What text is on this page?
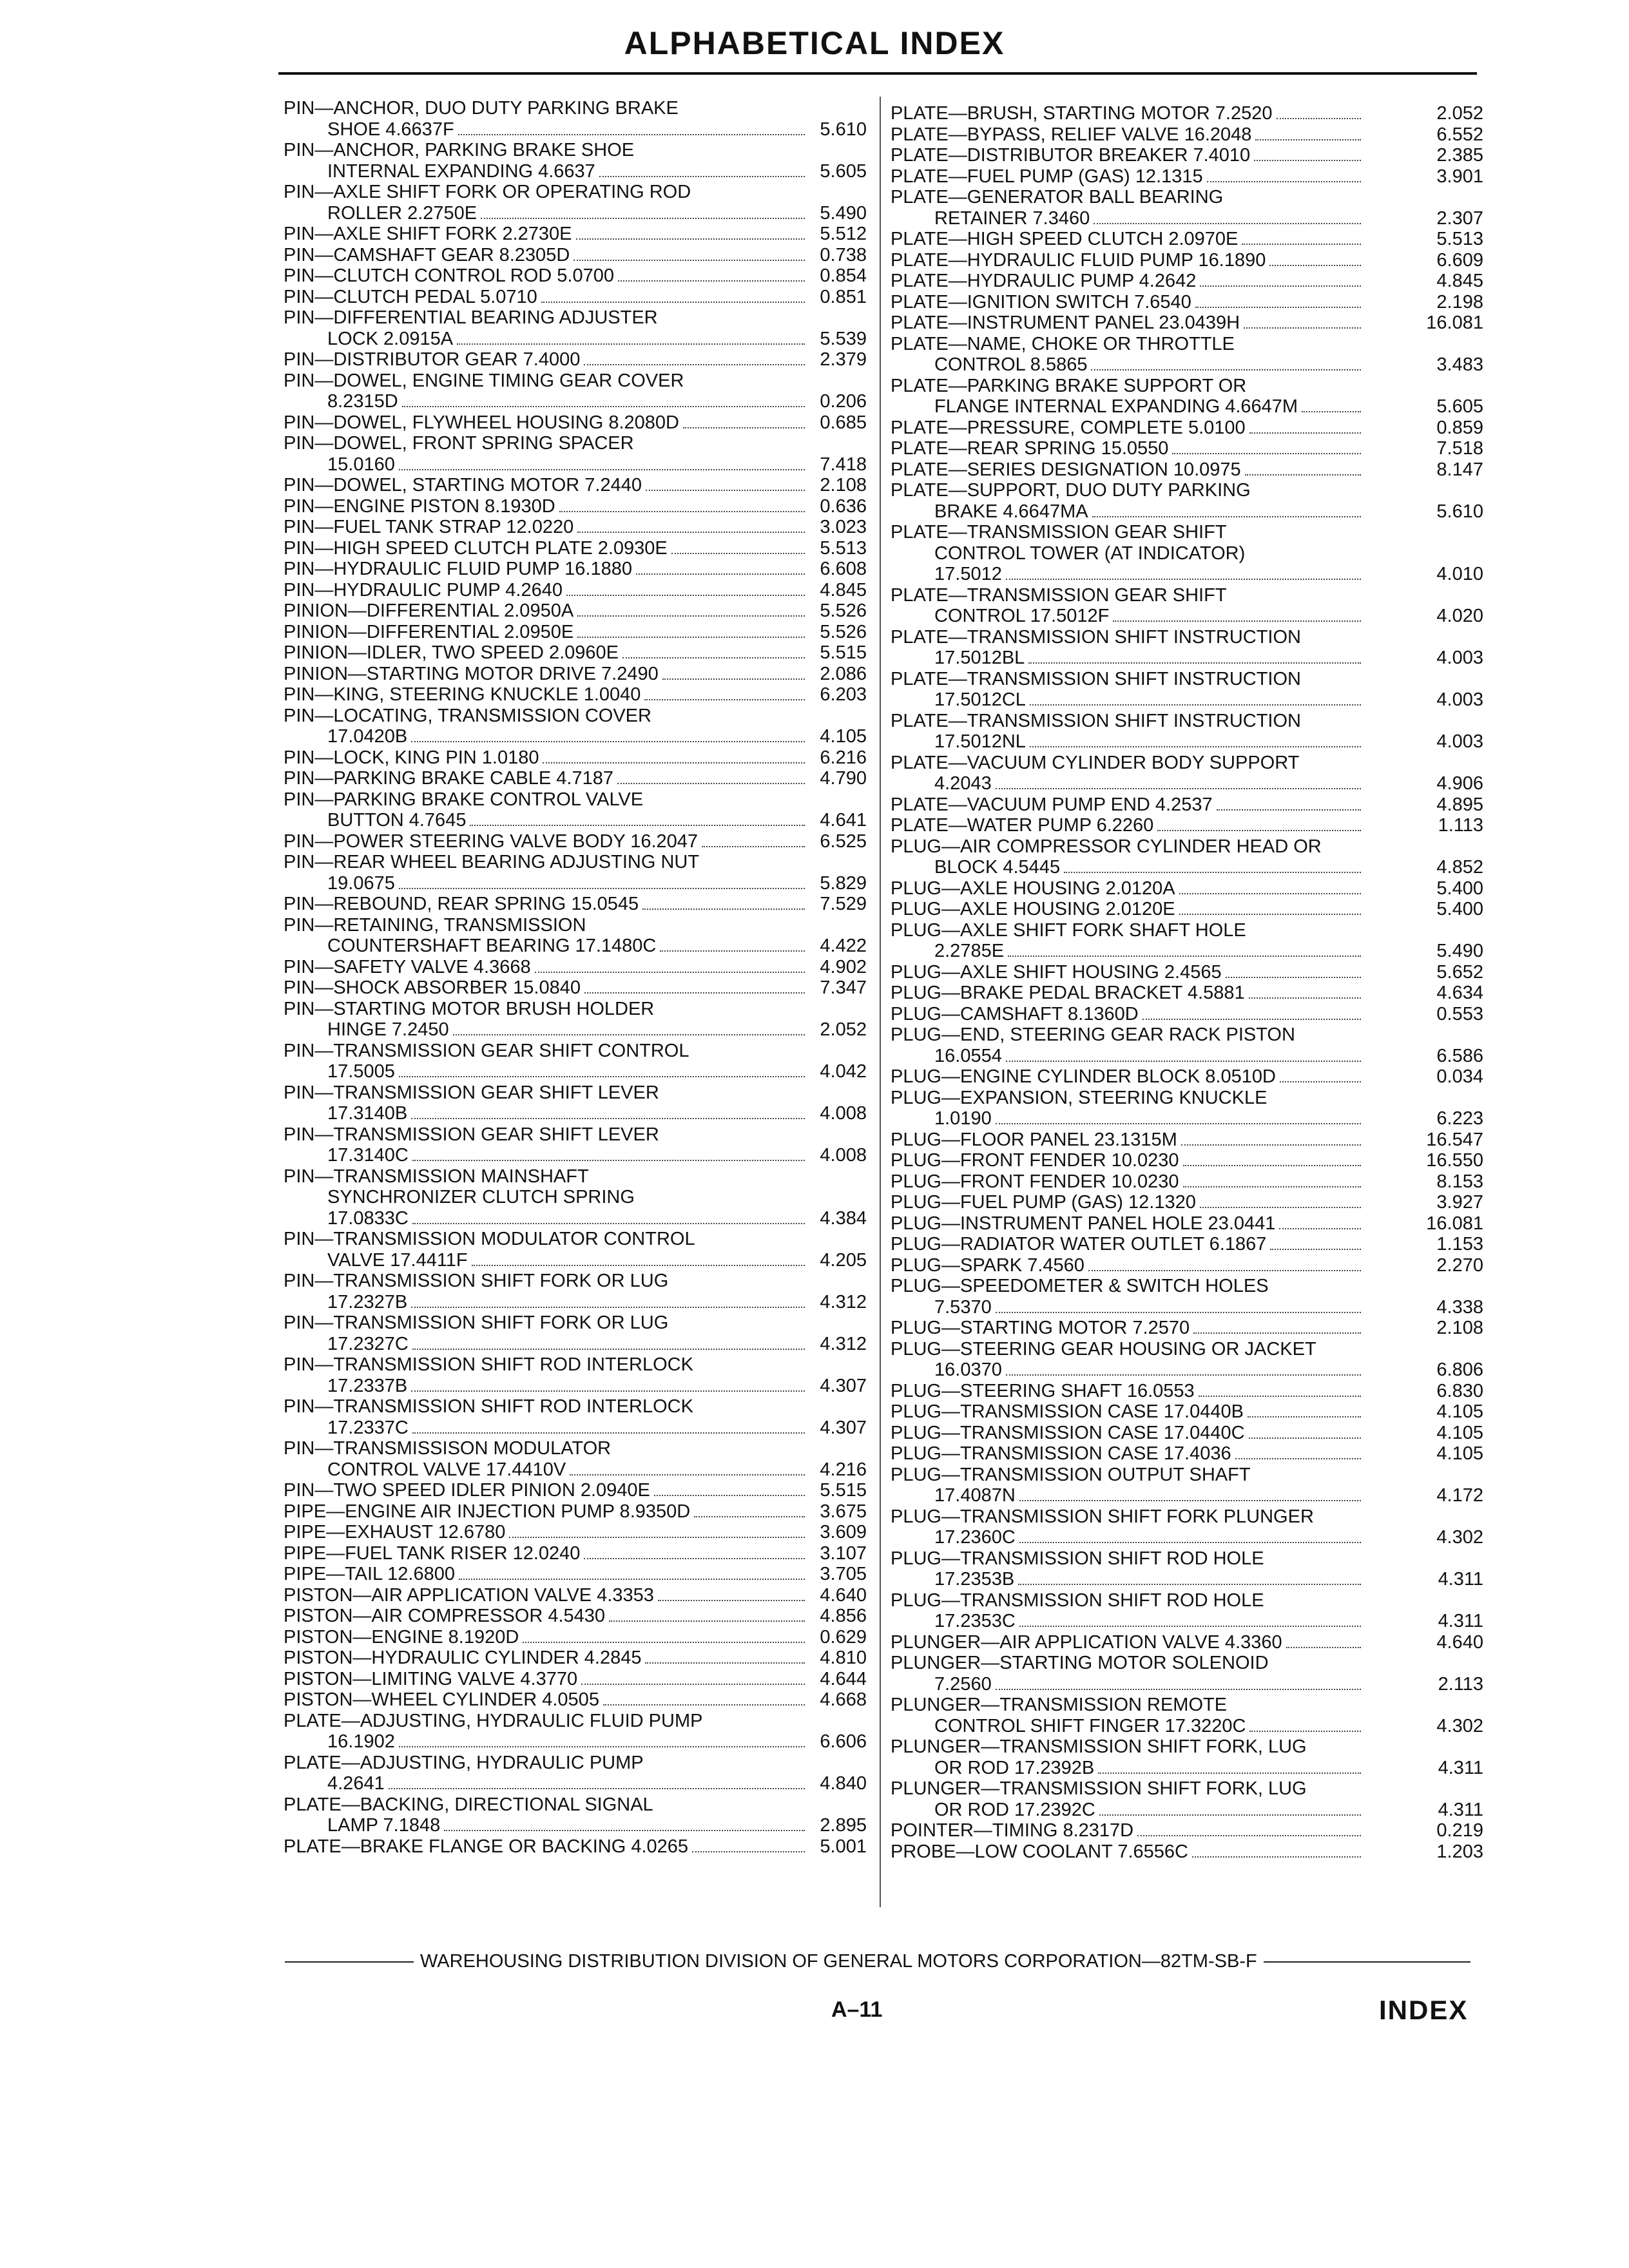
ALPHABETICAL INDEX
PIN—ANCHOR, DUO DUTY PARKING BRAKE
SHOE 4.6637F	5.610
PIN—ANCHOR, PARKING BRAKE SHOE
INTERNAL EXPANDING 4.6637	5.605
PIN—AXLE SHIFT FORK OR OPERATING ROD
ROLLER 2.2750E	5.490
PIN—AXLE SHIFT FORK 2.2730E	5.512
PIN—CAMSHAFT GEAR 8.2305D	0.738
PIN—CLUTCH CONTROL ROD 5.0700	0.854
PIN—CLUTCH PEDAL 5.0710	0.851
PIN—DIFFERENTIAL BEARING ADJUSTER
LOCK 2.0915A	5.539
PIN—DISTRIBUTOR GEAR 7.4000	2.379
PIN—DOWEL, ENGINE TIMING GEAR COVER
8.2315D	0.206
PIN—DOWEL, FLYWHEEL HOUSING 8.2080D	0.685
PIN—DOWEL, FRONT SPRING SPACER
15.0160	7.418
PIN—DOWEL, STARTING MOTOR 7.2440	2.108
PIN—ENGINE PISTON 8.1930D	0.636
PIN—FUEL TANK STRAP 12.0220	3.023
PIN—HIGH SPEED CLUTCH PLATE 2.0930E	5.513
PIN—HYDRAULIC FLUID PUMP 16.1880	6.608
PIN—HYDRAULIC PUMP 4.2640	4.845
PINION—DIFFERENTIAL 2.0950A	5.526
PINION—DIFFERENTIAL 2.0950E	5.526
PINION—IDLER, TWO SPEED 2.0960E	5.515
PINION—STARTING MOTOR DRIVE 7.2490	2.086
PIN—KING, STEERING KNUCKLE 1.0040	6.203
PIN—LOCATING, TRANSMISSION COVER
17.0420B	4.105
PIN—LOCK, KING PIN 1.0180	6.216
PIN—PARKING BRAKE CABLE 4.7187	4.790
PIN—PARKING BRAKE CONTROL VALVE
BUTTON 4.7645	4.641
PIN—POWER STEERING VALVE BODY 16.2047	6.525
PIN—REAR WHEEL BEARING ADJUSTING NUT
19.0675	5.829
PIN—REBOUND, REAR SPRING 15.0545	7.529
PIN—RETAINING, TRANSMISSION
COUNTERSHAFT BEARING 17.1480C	4.422
PIN—SAFETY VALVE 4.3668	4.902
PIN—SHOCK ABSORBER 15.0840	7.347
PIN—STARTING MOTOR BRUSH HOLDER
HINGE 7.2450	2.052
PIN—TRANSMISSION GEAR SHIFT CONTROL
17.5005	4.042
PIN—TRANSMISSION GEAR SHIFT LEVER
17.3140B	4.008
PIN—TRANSMISSION GEAR SHIFT LEVER
17.3140C	4.008
PIN—TRANSMISSION MAINSHAFT
SYNCHRONIZER CLUTCH SPRING
17.0833C	4.384
PIN—TRANSMISSION MODULATOR CONTROL
VALVE 17.4411F	4.205
PIN—TRANSMISSION SHIFT FORK OR LUG
17.2327B	4.312
PIN—TRANSMISSION SHIFT FORK OR LUG
17.2327C	4.312
PIN—TRANSMISSION SHIFT ROD INTERLOCK
17.2337B	4.307
PIN—TRANSMISSION SHIFT ROD INTERLOCK
17.2337C	4.307
PIN—TRANSMISSISON MODULATOR
CONTROL VALVE 17.4410V	4.216
PIN—TWO SPEED IDLER PINION 2.0940E	5.515
PIPE—ENGINE AIR INJECTION PUMP 8.9350D	3.675
PIPE—EXHAUST 12.6780	3.609
PIPE—FUEL TANK RISER 12.0240	3.107
PIPE—TAIL 12.6800	3.705
PISTON—AIR APPLICATION VALVE 4.3353	4.640
PISTON—AIR COMPRESSOR 4.5430	4.856
PISTON—ENGINE 8.1920D	0.629
PISTON—HYDRAULIC CYLINDER 4.2845	4.810
PISTON—LIMITING VALVE 4.3770	4.644
PISTON—WHEEL CYLINDER 4.0505	4.668
PLATE—ADJUSTING, HYDRAULIC FLUID PUMP
16.1902	6.606
PLATE—ADJUSTING, HYDRAULIC PUMP
4.2641	4.840
PLATE—BACKING, DIRECTIONAL SIGNAL
LAMP 7.1848	2.895
PLATE—BRAKE FLANGE OR BACKING 4.0265	5.001
PLATE—BRUSH, STARTING MOTOR 7.2520	2.052
PLATE—BYPASS, RELIEF VALVE 16.2048	6.552
PLATE—DISTRIBUTOR BREAKER 7.4010	2.385
PLATE—FUEL PUMP (GAS) 12.1315	3.901
PLATE—GENERATOR BALL BEARING
RETAINER 7.3460	2.307
PLATE—HIGH SPEED CLUTCH 2.0970E	5.513
PLATE—HYDRAULIC FLUID PUMP 16.1890	6.609
PLATE—HYDRAULIC PUMP 4.2642	4.845
PLATE—IGNITION SWITCH 7.6540	2.198
PLATE—INSTRUMENT PANEL 23.0439H	16.081
PLATE—NAME, CHOKE OR THROTTLE
CONTROL 8.5865	3.483
PLATE—PARKING BRAKE SUPPORT OR
FLANGE INTERNAL EXPANDING 4.6647M	5.605
PLATE—PRESSURE, COMPLETE 5.0100	0.859
PLATE—REAR SPRING 15.0550	7.518
PLATE—SERIES DESIGNATION 10.0975	8.147
PLATE—SUPPORT, DUO DUTY PARKING
BRAKE 4.6647MA	5.610
PLATE—TRANSMISSION GEAR SHIFT
CONTROL TOWER (AT INDICATOR)
17.5012	4.010
PLATE—TRANSMISSION GEAR SHIFT
CONTROL 17.5012F	4.020
PLATE—TRANSMISSION SHIFT INSTRUCTION
17.5012BL	4.003
PLATE—TRANSMISSION SHIFT INSTRUCTION
17.5012CL	4.003
PLATE—TRANSMISSION SHIFT INSTRUCTION
17.5012NL	4.003
PLATE—VACUUM CYLINDER BODY SUPPORT
4.2043	4.906
PLATE—VACUUM PUMP END 4.2537	4.895
PLATE—WATER PUMP 6.2260	1.113
PLUG—AIR COMPRESSOR CYLINDER HEAD OR
BLOCK 4.5445	4.852
PLUG—AXLE HOUSING 2.0120A	5.400
PLUG—AXLE HOUSING 2.0120E	5.400
PLUG—AXLE SHIFT FORK SHAFT HOLE
2.2785E	5.490
PLUG—AXLE SHIFT HOUSING 2.4565	5.652
PLUG—BRAKE PEDAL BRACKET 4.5881	4.634
PLUG—CAMSHAFT 8.1360D	0.553
PLUG—END, STEERING GEAR RACK PISTON
16.0554	6.586
PLUG—ENGINE CYLINDER BLOCK 8.0510D	0.034
PLUG—EXPANSION, STEERING KNUCKLE
1.0190	6.223
PLUG—FLOOR PANEL 23.1315M	16.547
PLUG—FRONT FENDER 10.0230	16.550
PLUG—FRONT FENDER 10.0230	8.153
PLUG—FUEL PUMP (GAS) 12.1320	3.927
PLUG—INSTRUMENT PANEL HOLE 23.0441	16.081
PLUG—RADIATOR WATER OUTLET 6.1867	1.153
PLUG—SPARK 7.4560	2.270
PLUG—SPEEDOMETER & SWITCH HOLES
7.5370	4.338
PLUG—STARTING MOTOR 7.2570	2.108
PLUG—STEERING GEAR HOUSING OR JACKET
16.0370	6.806
PLUG—STEERING SHAFT 16.0553	6.830
PLUG—TRANSMISSION CASE 17.0440B	4.105
PLUG—TRANSMISSION CASE 17.0440C	4.105
PLUG—TRANSMISSION CASE 17.4036	4.105
PLUG—TRANSMISSION OUTPUT SHAFT
17.4087N	4.172
PLUG—TRANSMISSION SHIFT FORK PLUNGER
17.2360C	4.302
PLUG—TRANSMISSION SHIFT ROD HOLE
17.2353B	4.311
PLUG—TRANSMISSION SHIFT ROD HOLE
17.2353C	4.311
PLUNGER—AIR APPLICATION VALVE 4.3360	4.640
PLUNGER—STARTING MOTOR SOLENOID
7.2560	2.113
PLUNGER—TRANSMISSION REMOTE
CONTROL SHIFT FINGER 17.3220C	4.302
PLUNGER—TRANSMISSION SHIFT FORK, LUG
OR ROD 17.2392B	4.311
PLUNGER—TRANSMISSION SHIFT FORK, LUG
OR ROD 17.2392C	4.311
POINTER—TIMING 8.2317D	0.219
PROBE—LOW COOLANT 7.6556C	1.203
WAREHOUSING DISTRIBUTION DIVISION OF GENERAL MOTORS CORPORATION—82TM-SB-F
A–11	INDEX
